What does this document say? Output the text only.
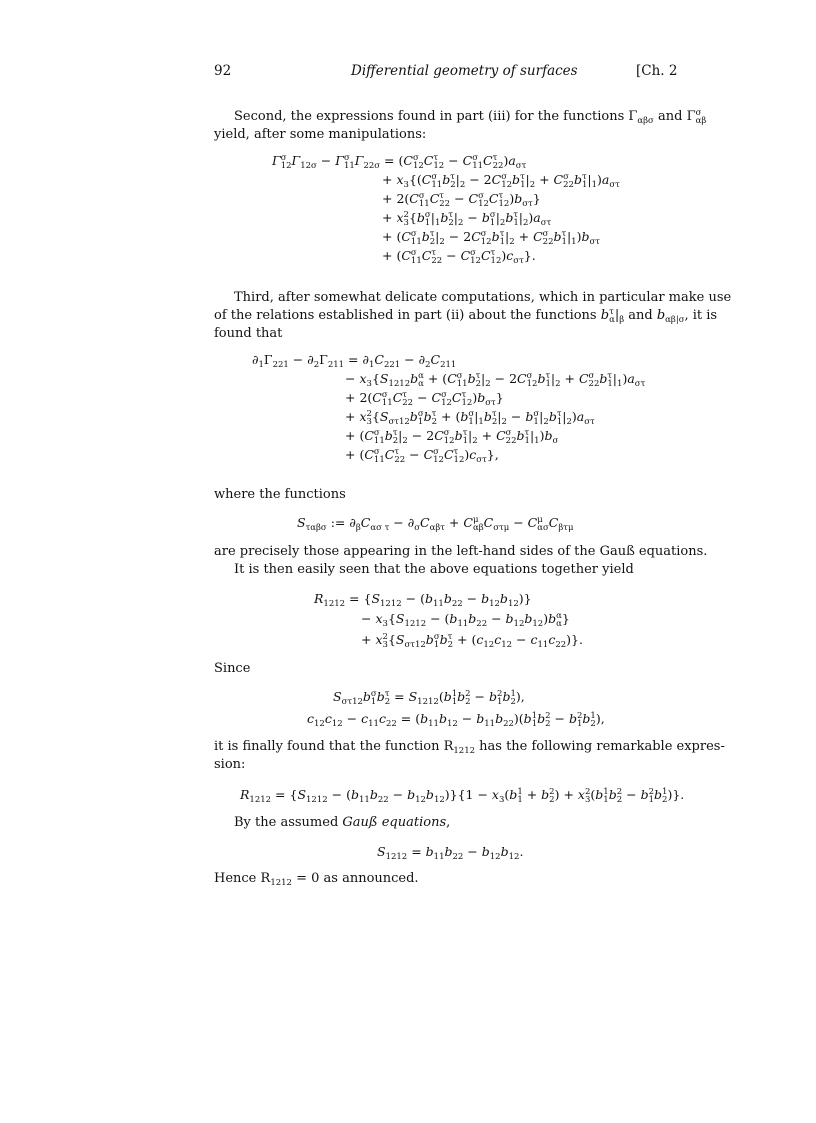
92	Differential geometry of surfaces	[Ch. 2
Second, the expressions found in part (iii) for the functions $\Gamma_{\alpha\beta\sigma}$ and Γ σ
αβ
yield, after some manipulations:
Γ σ
12 $\Gamma_{12\sigma} - \Gamma$ σ
11 $\Gamma_{22\sigma} = (C$ σ
12 C τ
12 − C σ
11 C τ
22 )$a_{\sigma\tau}$
+ $x_3\{(C$ σ
11 b τ
2 $|_2 - 2C$ σ
12 b τ
1 $|_2 + C$ σ
22 b τ
1 $|_1)a_{\sigma\tau}$
+ 2(C σ
11 C τ
22 − C σ
12 C τ
12 )$b_{\sigma\tau}$}
+ x 2
3 {b σ
1 $|_1b$ τ
2 $|_2 - b$ σ
1 $|_2b$ τ
1 $|_2)a_{\sigma\tau}$
+ (C σ
11 b τ
2 $|_2 - 2C$ σ
12 b τ
1 $|_2 + C$ σ
22 b τ
1 $|_1)b_{\sigma\tau}$
+ (C σ
11 C τ
22 − C σ
12 C τ
12 )$c_{\sigma\tau}$}.
Third, after somewhat delicate computations, which in particular make use
of the relations established in part (ii) about the functions b τ
α $|_\beta$ and $b_{\alpha\beta|\sigma}$, it is
found that
$\partial_1\Gamma_{221} - \partial_2\Gamma_{211} = \partial_1C_{221} - \partial_2C_{211}$
− $x_3\{S_{1212}b$ α
α + (C σ
11 b τ
2 $|_2 - 2C$ σ
12 b τ
1 $|_2 + C$ σ
22 b τ
1 $|_1)a_{\sigma\tau}$
+ 2(C σ
11 C τ
22 − C σ
12 C τ
12 )$b_{\sigma\tau}$}
+ x 2
3 {$S_{\sigma\tau 12}b$ σ
1 b τ
2 + (b σ
1 $|_1b$ τ
2 $|_2 - b$ σ
1 $|_2b$ τ
1 $|_2)a_{\sigma\tau}$
+ (C σ
11 b τ
2 $|_2 - 2C$ σ
12 b τ
1 $|_2 + C$ σ
22 b τ
1 $|_1)b_\sigma$
+ (C σ
11 C τ
22 − C σ
12 C τ
12 )$c_{\sigma\tau}$},
where the functions
$S_{\tau\alpha\beta\sigma}$ := $\partial_\beta C_{\alpha\sigma \tau} - \partial_\sigma C_{\alpha\beta\tau} + C$ μ
αβ $C_{\sigma\tau\mu} - C$ μ
ασ $C_{\beta\tau\mu}$
are precisely those appearing in the left-hand sides of the Gauß equations.
It is then easily seen that the above equations together yield
$R_{1212} = \{S_{1212} - (b_{11}b_{22} - b_{12}b_{12})\}$
− $x_3\{S_{1212} - (b_{11}b_{22} - b_{12}b_{12})b$ α
α }
+ x 2
3 {$S_{\sigma\tau 12}b$ σ
1 b τ
$2 + (c_{12}c_{12} - c_{11}c_{22})$}.
Since
$S_{\sigma\tau 12}b$ σ
1 b τ
$2 = S_{1212}(b$ 1
1 b 2
2 − b 2
1 b 1
2 ),
$c_{12}c_{12} - c_{11}c_{22} = (b_{11}b_{12} - b_{11}b_{22})(b$ 1
1 b 2
2 − b 2
1 b 1
2 ),
it is finally found that the function $R_{1212}$ has the following remarkable expres-
sion:
$R_{1212} = \{S_{1212} - (b_{11}b_{22} - b_{12}b_{12})\}\{1 - x_3(b$ 1
1 + b 2
2 ) + x 2
3 (b 1
1 b 2
2 − b 2
1 b 1
2 )}.
By the assumed Gauß equations,
$S_{1212} = b_{11}b_{22} - b_{12}b_{12}$.
Hence $R_{1212} = 0$ as announced.
